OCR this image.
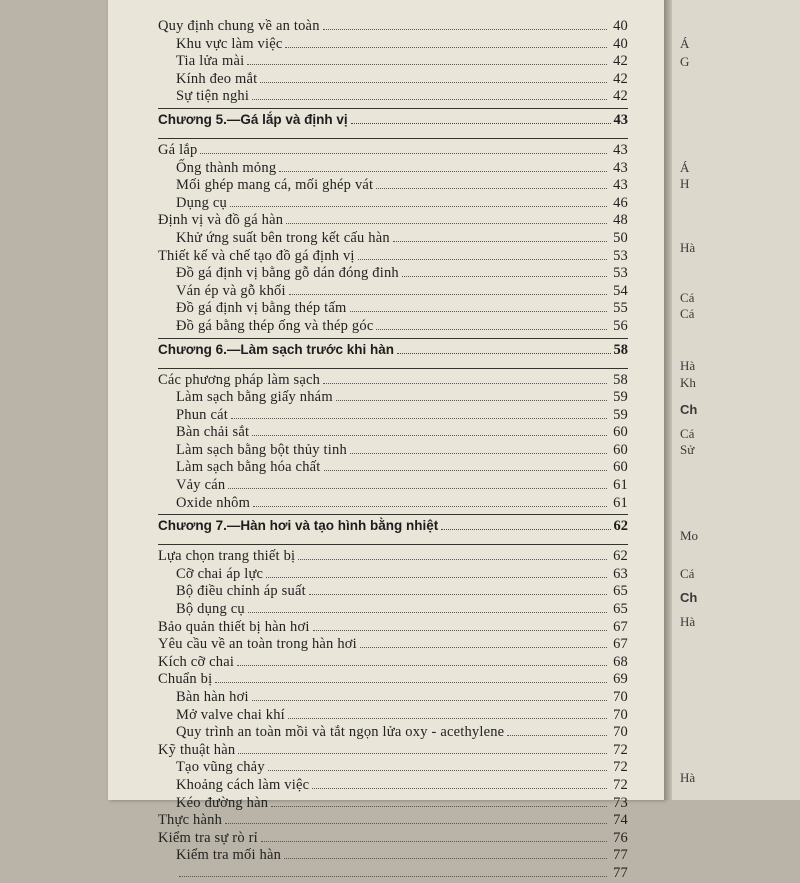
Quy định chung về an toàn	40
Khu vực làm việc	40
Tia lửa mài	42
Kính đeo mắt	42
Sự tiện nghi	42
Chương 5.—Gá lắp và định vị	43
Gá lắp	43
Ống thành mỏng	43
Mối ghép mang cá, mối ghép vát	43
Dụng cụ	46
Định vị và đồ gá hàn	48
Khử ứng suất bên trong kết cấu hàn	50
Thiết kế và chế tạo đồ gá định vị	53
Đồ gá định vị bằng gỗ dán đóng đinh	53
Ván ép và gỗ khối	54
Đồ gá định vị bằng thép tấm	55
Đồ gá bằng thép ống và thép góc	56
Chương 6.—Làm sạch trước khi hàn	58
Các phương pháp làm sạch	58
Làm sạch bằng giấy nhám	59
Phun cát	59
Bàn chải sắt	60
Làm sạch bằng bột thủy tinh	60
Làm sạch bằng hóa chất	60
Vảy cán	61
Oxide nhôm	61
Chương 7.—Hàn hơi và tạo hình bằng nhiệt	62
Lựa chọn trang thiết bị	62
Cỡ chai áp lực	63
Bộ điều chỉnh áp suất	65
Bộ dụng cụ	65
Bảo quản thiết bị hàn hơi	67
Yêu cầu về an toàn trong hàn hơi	67
Kích cỡ chai	68
Chuẩn bị	69
Bàn hàn hơi	70
Mở valve chai khí	70
Quy trình an toàn mồi và tắt ngọn lửa oxy - acethylene	70
Kỹ thuật hàn	72
Tạo vũng chảy	72
Khoảng cách làm việc	72
Kéo đường hàn	73
Thực hành	74
Kiểm tra sự rò rỉ	76
Kiểm tra mối hàn	77
77
Á
G
Á
H
Hà
Cá
Cá
Hà
Kh
Ch
Cá
Sử
Mo
Cá
Ch
Hà
Hà
